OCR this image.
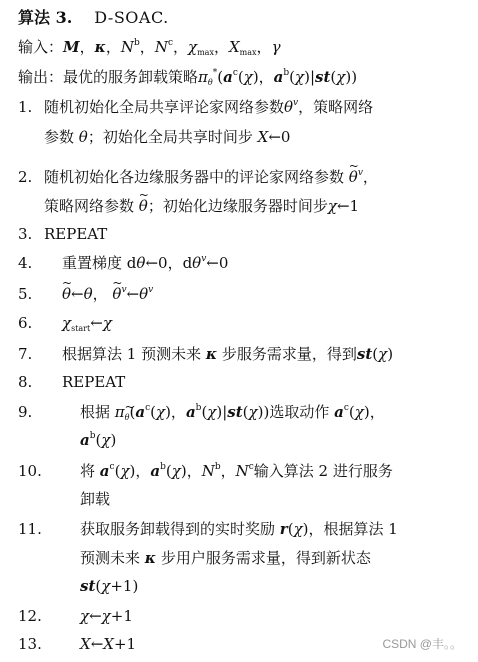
算法 3. D-SOAC.
输入：M，κ，$N^b$，$N^c$，$\chi_{max}$，$X_{max}$，γ
输出：最优的服务卸载策略$\pi_\theta^*(a^c(\chi)$，$a^b(\chi)|st(\chi)$)
1. 随机初始化全局共享评论家网络参数$\theta^v$，策略网络
参数 θ；初始化全局共享时间步 X←0
2. 随机初始化各边缘服务器中的评论家网络参数 ~ $\theta^v$，
策略网络参数 ~ θ；初始化边缘服务器时间步χ←1
3. REPEAT
4.	重置梯度 dθ←0，$d\theta^v\leftarrow 0$
5.	~ θ←θ， ~ $\theta^v\leftarrow\theta^v$
6.	$\chi_{start}\leftarrow\chi$
7.	根据算法 1 预测未来 κ 步服务需求量，得到st(χ)
8.	REPEAT
9.	根据 $\pi_\theta(a^c(\chi)$，$a^b(\chi)|st(\chi)$)选取动作 $a^c(\chi)$，
$a^b(\chi)$
10.	将 $a^c(\chi)$，$a^b(\chi)$，$N^b$，$N^c$输入算法 2 进行服务
卸载
11.	获取服务卸载得到的实时奖励 r(χ)，根据算法 1
预测未来 κ 步用户服务需求量，得到新状态
st(χ+1)
12.	χ←χ+1
13.	X←X+1	CSDN @丰。。
